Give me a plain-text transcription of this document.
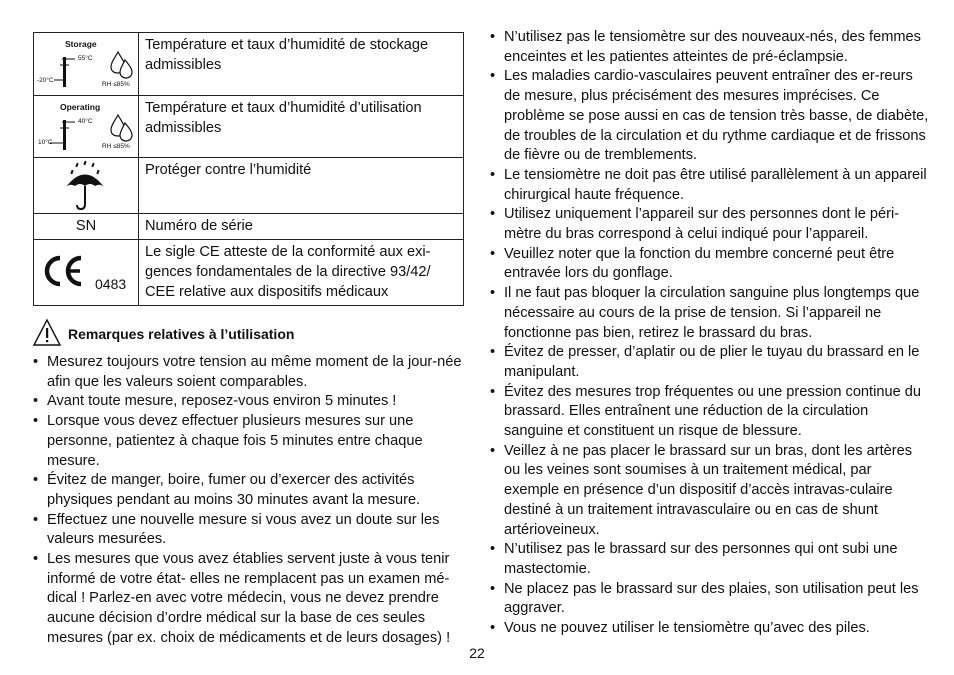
Storage
55°C
-20°C
RH ≤85%	Température et taux d’humidité de stockage admissibles

Operating
40°C
10°C
RH ≤85%	Température et taux d’humidité d’utilisation admissibles

	Protéger contre l’humidité
SN	Numéro de série

0483	Le sigle CE atteste de la conformité aux exi-gences fondamentales de la directive 93/42/ CEE relative aux dispositifs médicaux
Remarques relatives à l’utilisation
• Mesurez toujours votre tension au même moment de la jour-née afin que les valeurs soient comparables.
• Avant toute mesure, reposez-vous environ 5 minutes !
• Lorsque vous devez effectuer plusieurs mesures sur une personne, patientez à chaque fois 5 minutes entre chaque mesure.
• Évitez de manger, boire, fumer ou d’exercer des activités physiques pendant au moins 30 minutes avant la mesure.
• Effectuez une nouvelle mesure si vous avez un doute sur les valeurs mesurées.
• Les mesures que vous avez établies servent juste à vous tenir informé de votre état- elles ne remplacent pas un examen mé-dical ! Parlez-en avec votre médecin, vous ne devez prendre aucune décision d’ordre médical sur la base de ces seules mesures (par ex. choix de médicaments et de leurs dosages) !
• N’utilisez pas le tensiomètre sur des nouveaux-nés, des femmes enceintes et les patientes atteintes de pré-éclampsie.
• Les maladies cardio-vasculaires peuvent entraîner des er-reurs de mesure, plus précisément des mesures imprécises. Ce problème se pose aussi en cas de tension très basse, de diabète, de troubles de la circulation et du rythme cardiaque et de frissons de fièvre ou de tremblements.
• Le tensiomètre ne doit pas être utilisé parallèlement à un appareil chirurgical haute fréquence.
• Utilisez uniquement l’appareil sur des personnes dont le péri-mètre du bras correspond à celui indiqué pour l’appareil.
• Veuillez noter que la fonction du membre concerné peut être entravée lors du gonflage.
• Il ne faut pas bloquer la circulation sanguine plus longtemps que nécessaire au cours de la prise de tension. Si l’appareil ne fonctionne pas bien, retirez le brassard du bras.
• Évitez de presser, d’aplatir ou de plier le tuyau du brassard en le manipulant.
• Évitez des mesures trop fréquentes ou une pression continue du brassard. Elles entraînent une réduction de la circulation sanguine et constituent un risque de blessure.
• Veillez à ne pas placer le brassard sur un bras, dont les artères ou les veines sont soumises à un traitement médical, par exemple en présence d’un dispositif d’accès intravas-culaire destiné à un traitement intravasculaire ou en cas de shunt artérioveineux.
• N’utilisez pas le brassard sur des personnes qui ont subi une mastectomie.
• Ne placez pas le brassard sur des plaies, son utilisation peut les aggraver.
• Vous ne pouvez utiliser le tensiomètre qu’avec des piles.
22
